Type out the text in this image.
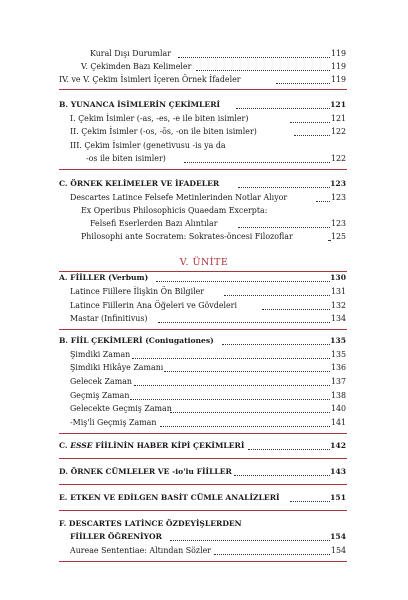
Kural Dışı Durumlar	119
V. Çekimden Bazı Kelimeler	119
IV. ve V. Çekim İsimleri İçeren Örnek İfadeler	119
B. YUNANCA İSİMLERİN ÇEKİMLERİ	121
I. Çekim İsimler (-as, -es, -e ile biten isimler)	121
II. Çekim İsimler (-os, -ōs, -on ile biten isimler)	122
III. Çekim İsimler (genetivusu -is ya da
-os ile biten isimler)	122
C. ÖRNEK KELİMELER VE İFADELER	123
Descartes Latince Felsefe Metinlerinden Notlar Alıyor	123
Ex Operibus Philosophicis Quaedam Excerpta:
Felsefi Eserlerden Bazı Alıntılar	123
Philosophi ante Socratem: Sokrates-öncesi Filozoflar	125
V. ÜNİTE
A. FİİLLER (Verbum)	130
Latince Fiillere İlişkin Ön Bilgiler	131
Latince Fiillerin Ana Öğeleri ve Gövdeleri	132
Mastar (Infinitivus)	134
B. FİİL ÇEKİMLERİ (Coniugationes)	135
Şimdiki Zaman	135
Şimdiki Hikâye Zamanı	136
Gelecek Zaman	137
Geçmiş Zaman	138
Gelecekte Geçmiş Zaman	140
-Miş'li Geçmiş Zaman	141
C. ESSE FİİLİNİN HABER KİPİ ÇEKİMLERİ	142
D. ÖRNEK CÜMLELER VE -io'lu FİİLLER	143
E. ETKEN VE EDİLGEN BASİT CÜMLE ANALİZLERİ	151
F. DESCARTES LATİNCE ÖZDEYİŞLERDEN
FİİLLER ÖĞRENİYOR	154
Aureae Sententiae: Altından Sözler	154
